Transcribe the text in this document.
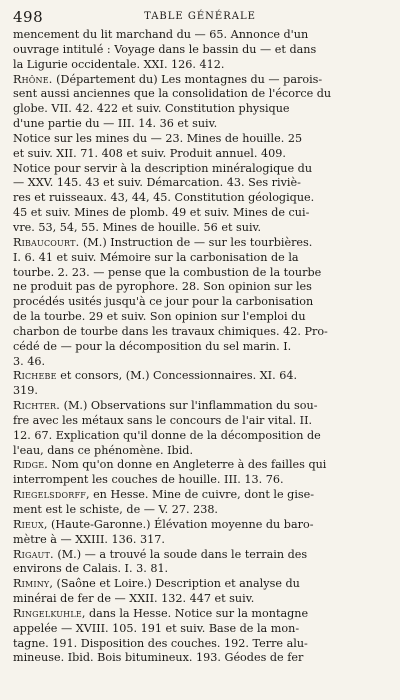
498	TABLE GÉNÉRALE
mencement du lit marchand du — 65. Annonce d'un
ouvrage intitulé : Voyage dans le bassin du — et dans
la Ligurie occidentale. XXI. 126. 412.
Rhône. (Département du) Les montagnes du — parois-
sent aussi anciennes que la consolidation de l'écorce du
globe. VII. 42. 422 et suiv. Constitution physique
d'une partie du — III. 14. 36 et suiv.
Notice sur les mines du — 23. Mines de houille. 25
et suiv. XII. 71. 408 et suiv. Produit annuel. 409.
Notice pour servir à la description minéralogique du
— XXV. 145. 43 et suiv. Démarcation. 43. Ses riviè-
res et ruisseaux. 43, 44, 45. Constitution géologique.
45 et suiv. Mines de plomb. 49 et suiv. Mines de cui-
vre. 53, 54, 55. Mines de houille. 56 et suiv.
Ribaucourt. (M.) Instruction de — sur les tourbières.
I. 6. 41 et suiv. Mémoire sur la carbonisation de la
tourbe. 2. 23. — pense que la combustion de la tourbe
ne produit pas de pyrophore. 28. Son opinion sur les
procédés usités jusqu'à ce jour pour la carbonisation
de la tourbe. 29 et suiv. Son opinion sur l'emploi du
charbon de tourbe dans les travaux chimiques. 42. Pro-
cédé de — pour la décomposition du sel marin. I.
3. 46.
Richebe et consors, (M.) Concessionnaires. XI. 64.
319.
Richter. (M.) Observations sur l'inflammation du sou-
fre avec les métaux sans le concours de l'air vital. II.
12. 67. Explication qu'il donne de la décomposition de
l'eau, dans ce phénomène. Ibid.
Ridge. Nom qu'on donne en Angleterre à des failles qui
interrompent les couches de houille. III. 13. 76.
Riegelsdorff, en Hesse. Mine de cuivre, dont le gise-
ment est le schiste, de — V. 27. 238.
Rieux, (Haute-Garonne.) Élévation moyenne du baro-
mètre à — XXIII. 136. 317.
Rigaut. (M.) — a trouvé la soude dans le terrain des
environs de Calais. I. 3. 81.
Riminy, (Saône et Loire.) Description et analyse du
minérai de fer de — XXII. 132. 447 et suiv.
Ringelkuhle, dans la Hesse. Notice sur la montagne
appelée — XVIII. 105. 191 et suiv. Base de la mon-
tagne. 191. Disposition des couches. 192. Terre alu-
mineuse. Ibid. Bois bitumineux. 193. Géodes de fer
